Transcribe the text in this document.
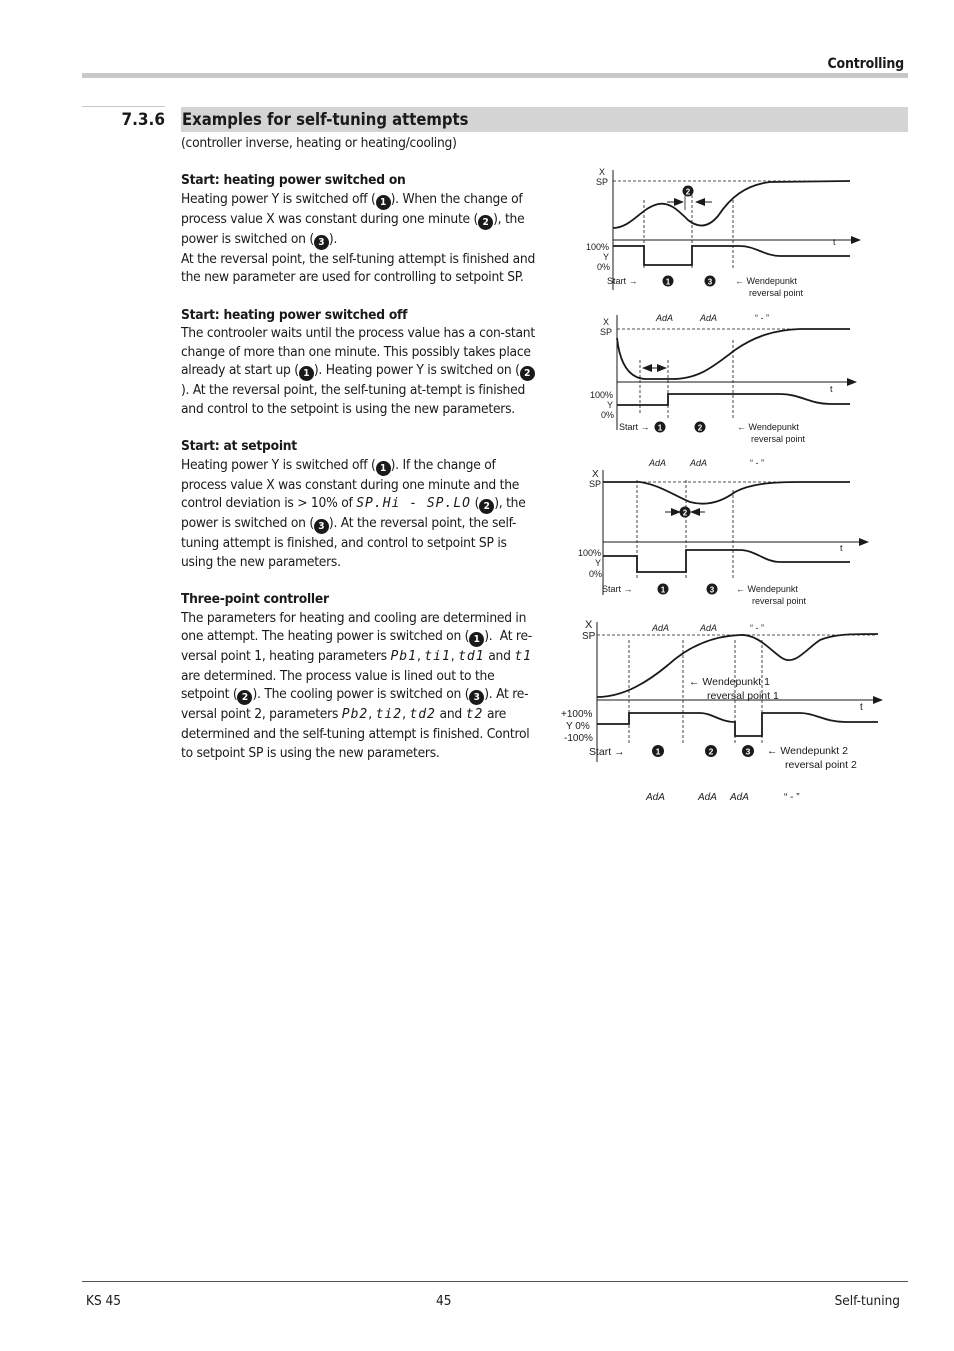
Controlling
7.3.6 Examples for self-tuning attempts

(controller inverse, heating or heating/cooling)

Start: heating power switched on

Heating power Y is switched off ( 1 ). When the change of process value X was constant during one minute ( 2 ), the power is switched on ( 3 ).
At the reversal point, the self-tuning attempt is finished and the new parameter are used for controlling to setpoint SP.

Start: heating power switched off

The controoler waits until the process value has a con-stant change of more than one minute. This possibly takes place already at start up ( 1 ). Heating power Y is switched on ( 2). At the reversal point, the self-tuning at-tempt is finished and control to the setpoint is using the new parameters.

Start: at setpoint

Heating power Y is switched off ( 1 ). If the change of process value X was constant during one minute and the control deviation is > 10% of SP.Hi - SP.LO ( 2 ), the power is switched on ( 3 ). At the reversal point, the self-tuning attempt is finished, and control to setpoint SP is using the new parameters.

Three-point controller

The parameters for heating and cooling are determined in one attempt. The heating power is switched on ( 1 ).  At re-versal point 1, heating parameters Pb1, ti1, td1 and t1 are determined. The process value is lined out to the setpoint ( 2 ). The cooling power is switched on ( 3 ). At re-versal point 2, parameters Pb2, ti2, td2 and t2 are determined and the self-tuning attempt is finished. Control to setpoint SP is using the new parameters.

X
SP
t
100%
Y
0%
Start →	1	3
2
← Wendepunkt
reversal point
AdA	AdA	“ - ”
X
SP
t
100%
Y
0%
Start → 1	2	← Wendepunkt
reversal point
AdA	AdA	“ - ”
X
SP
t
100%
Y
0%
Start →	1	3
2
← Wendepunkt
reversal point
AdA	AdA	“ - ”
X
SP
t
+100%
Y 0%
-100%
← Wendepunkt 1
reversal point 1
Start →	1	2	3 ← Wendepunkt 2
reversal point 2
AdA	AdA AdA	“ - ”
KS 45	45	Self-tuning
